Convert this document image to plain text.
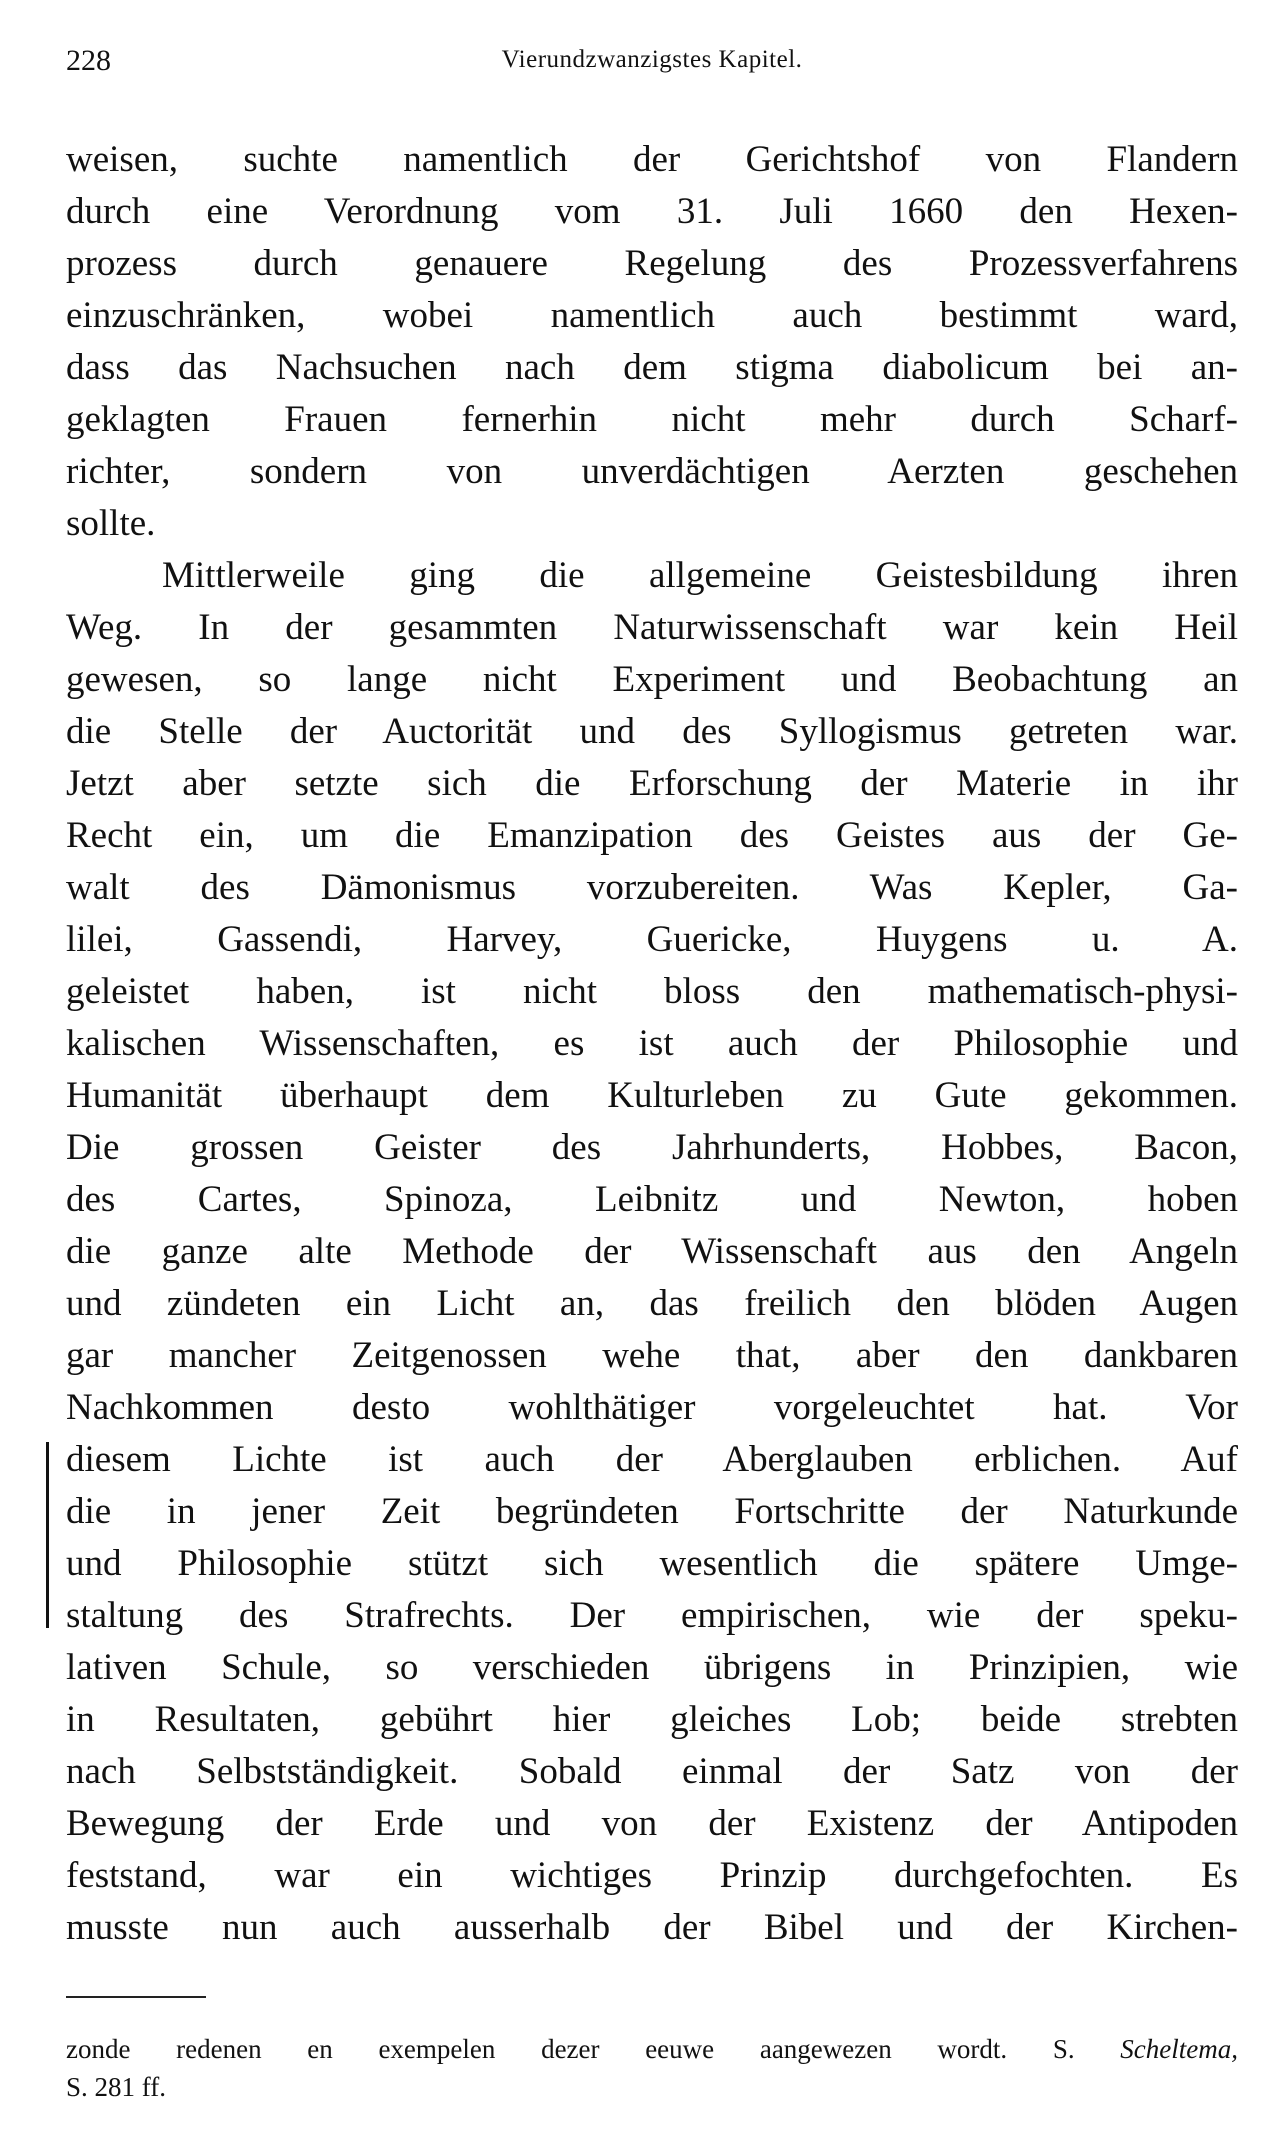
228	Vierundzwanzigstes Kapitel.
weisen, suchte namentlich der Gerichtshof von Flandern
durch eine Verordnung vom 31. Juli 1660 den Hexen-
prozess durch genauere Regelung des Prozessverfahrens
einzuschränken, wobei namentlich auch bestimmt ward,
dass das Nachsuchen nach dem stigma diabolicum bei an-
geklagten Frauen fernerhin nicht mehr durch Scharf-
richter, sondern von unverdächtigen Aerzten geschehen
sollte.
Mittlerweile ging die allgemeine Geistesbildung ihren
Weg. In der gesammten Naturwissenschaft war kein Heil
gewesen, so lange nicht Experiment und Beobachtung an
die Stelle der Auctorität und des Syllogismus getreten war.
Jetzt aber setzte sich die Erforschung der Materie in ihr
Recht ein, um die Emanzipation des Geistes aus der Ge-
walt des Dämonismus vorzubereiten. Was Kepler, Ga-
lilei, Gassendi, Harvey, Guericke, Huygens u. A.
geleistet haben, ist nicht bloss den mathematisch-physi-
kalischen Wissenschaften, es ist auch der Philosophie und
Humanität überhaupt dem Kulturleben zu Gute gekommen.
Die grossen Geister des Jahrhunderts, Hobbes, Bacon,
des Cartes, Spinoza, Leibnitz und Newton, hoben
die ganze alte Methode der Wissenschaft aus den Angeln
und zündeten ein Licht an, das freilich den blöden Augen
gar mancher Zeitgenossen wehe that, aber den dankbaren
Nachkommen desto wohlthätiger vorgeleuchtet hat. Vor
diesem Lichte ist auch der Aberglauben erblichen. Auf
die in jener Zeit begründeten Fortschritte der Naturkunde
und Philosophie stützt sich wesentlich die spätere Umge-
staltung des Strafrechts. Der empirischen, wie der speku-
lativen Schule, so verschieden übrigens in Prinzipien, wie
in Resultaten, gebührt hier gleiches Lob; beide strebten
nach Selbstständigkeit. Sobald einmal der Satz von der
Bewegung der Erde und von der Existenz der Antipoden
feststand, war ein wichtiges Prinzip durchgefochten. Es
musste nun auch ausserhalb der Bibel und der Kirchen-
zonde redenen en exempelen dezer eeuwe aangewezen wordt. S. Scheltema,
S. 281 ff.
